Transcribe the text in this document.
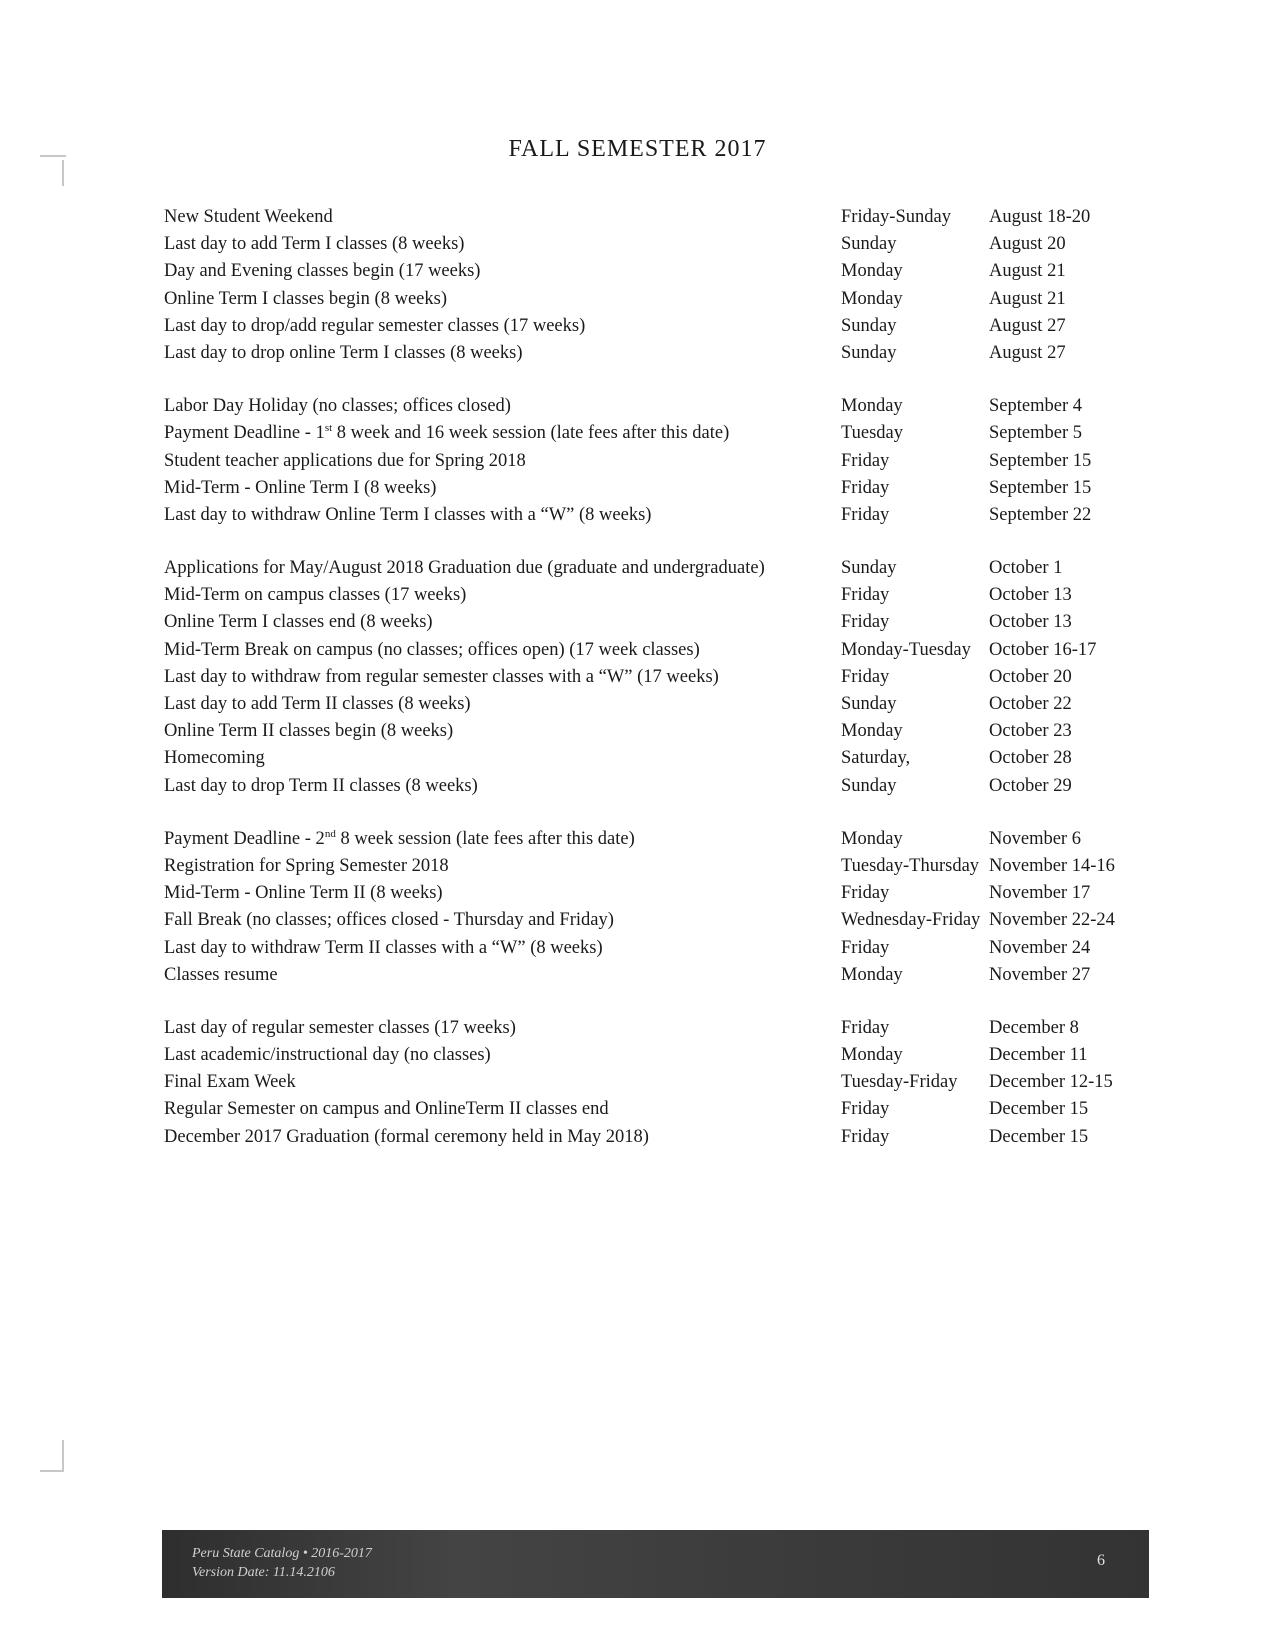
FALL SEMESTER 2017
New Student Weekend	Friday-Sunday	August 18-20
Last day to add Term I classes (8 weeks)	Sunday	August 20
Day and Evening classes begin (17 weeks)	Monday	August 21
Online Term I classes begin (8 weeks)	Monday	August 21
Last day to drop/add regular semester classes (17 weeks)	Sunday	August 27
Last day to drop online Term I classes (8 weeks)	Sunday	August 27
Labor Day Holiday (no classes; offices closed)	Monday	September 4
Payment Deadline - 1st 8 week and 16 week session (late fees after this date)	Tuesday	September 5
Student teacher applications due for Spring 2018	Friday	September 15
Mid-Term - Online Term I (8 weeks)	Friday	September 15
Last day to withdraw Online Term I classes with a “W” (8 weeks)	Friday	September 22
Applications for May/August 2018 Graduation due (graduate and undergraduate)	Sunday	October 1
Mid-Term on campus classes (17 weeks)	Friday	October 13
Online Term I classes end (8 weeks)	Friday	October 13
Mid-Term Break on campus (no classes; offices open) (17 week classes)	Monday-Tuesday October 16-17
Last day to withdraw from regular semester classes with a “W” (17 weeks)	Friday	October 20
Last day to add Term II classes (8 weeks)	Sunday	October 22
Online Term II classes begin (8 weeks)	Monday	October 23
Homecoming	Saturday,	October 28
Last day to drop Term II classes (8 weeks)	Sunday	October 29
Payment Deadline - 2nd 8 week session (late fees after this date)	Monday	November 6
Registration for Spring Semester 2018	Tuesday-Thursday November 14-16
Mid-Term - Online Term II (8 weeks)	Friday	November 17
Fall Break (no classes; offices closed - Thursday and Friday)	Wednesday-Friday November 22-24
Last day to withdraw Term II classes with a “W” (8 weeks)	Friday	November 24
Classes resume	Monday	November 27
Last day of regular semester classes (17 weeks)	Friday	December 8
Last academic/instructional day (no classes)	Monday	December 11
Final Exam Week	Tuesday-Friday	December 12-15
Regular Semester on campus and OnlineTerm II classes end	Friday	December 15
December 2017 Graduation (formal ceremony held in May 2018)	Friday	December 15
Peru State Catalog • 2016-2017
Version Date: 11.14.2106
6
